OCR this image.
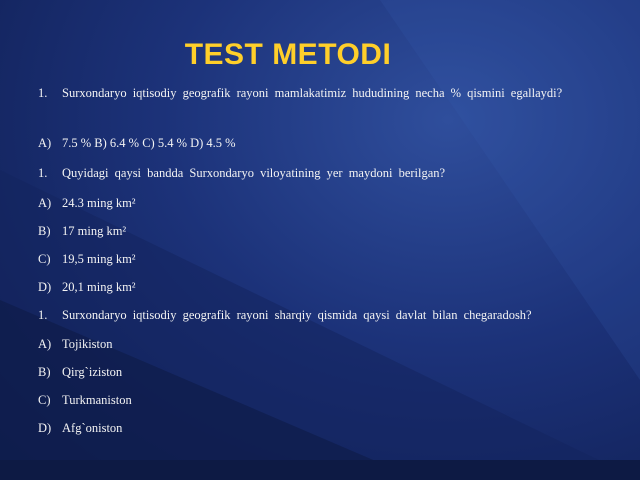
TEST METODI
1. Surxondaryo iqtisodiy geografik rayoni mamlakatimiz hududining necha % qismini egallaydi?
A) 7.5 % B) 6.4 % C) 5.4 % D) 4.5 %
1. Quyidagi qaysi bandda Surxondaryo viloyatining yer maydoni berilgan?
A) 24.3 ming km²
B) 17 ming km²
C) 19,5 ming km²
D) 20,1 ming km²
1. Surxondaryo iqtisodiy geografik rayoni sharqiy qismida qaysi davlat bilan chegaradosh?
A) Tojikiston
B) Qirg`iziston
C) Turkmaniston
D) Afg`oniston
